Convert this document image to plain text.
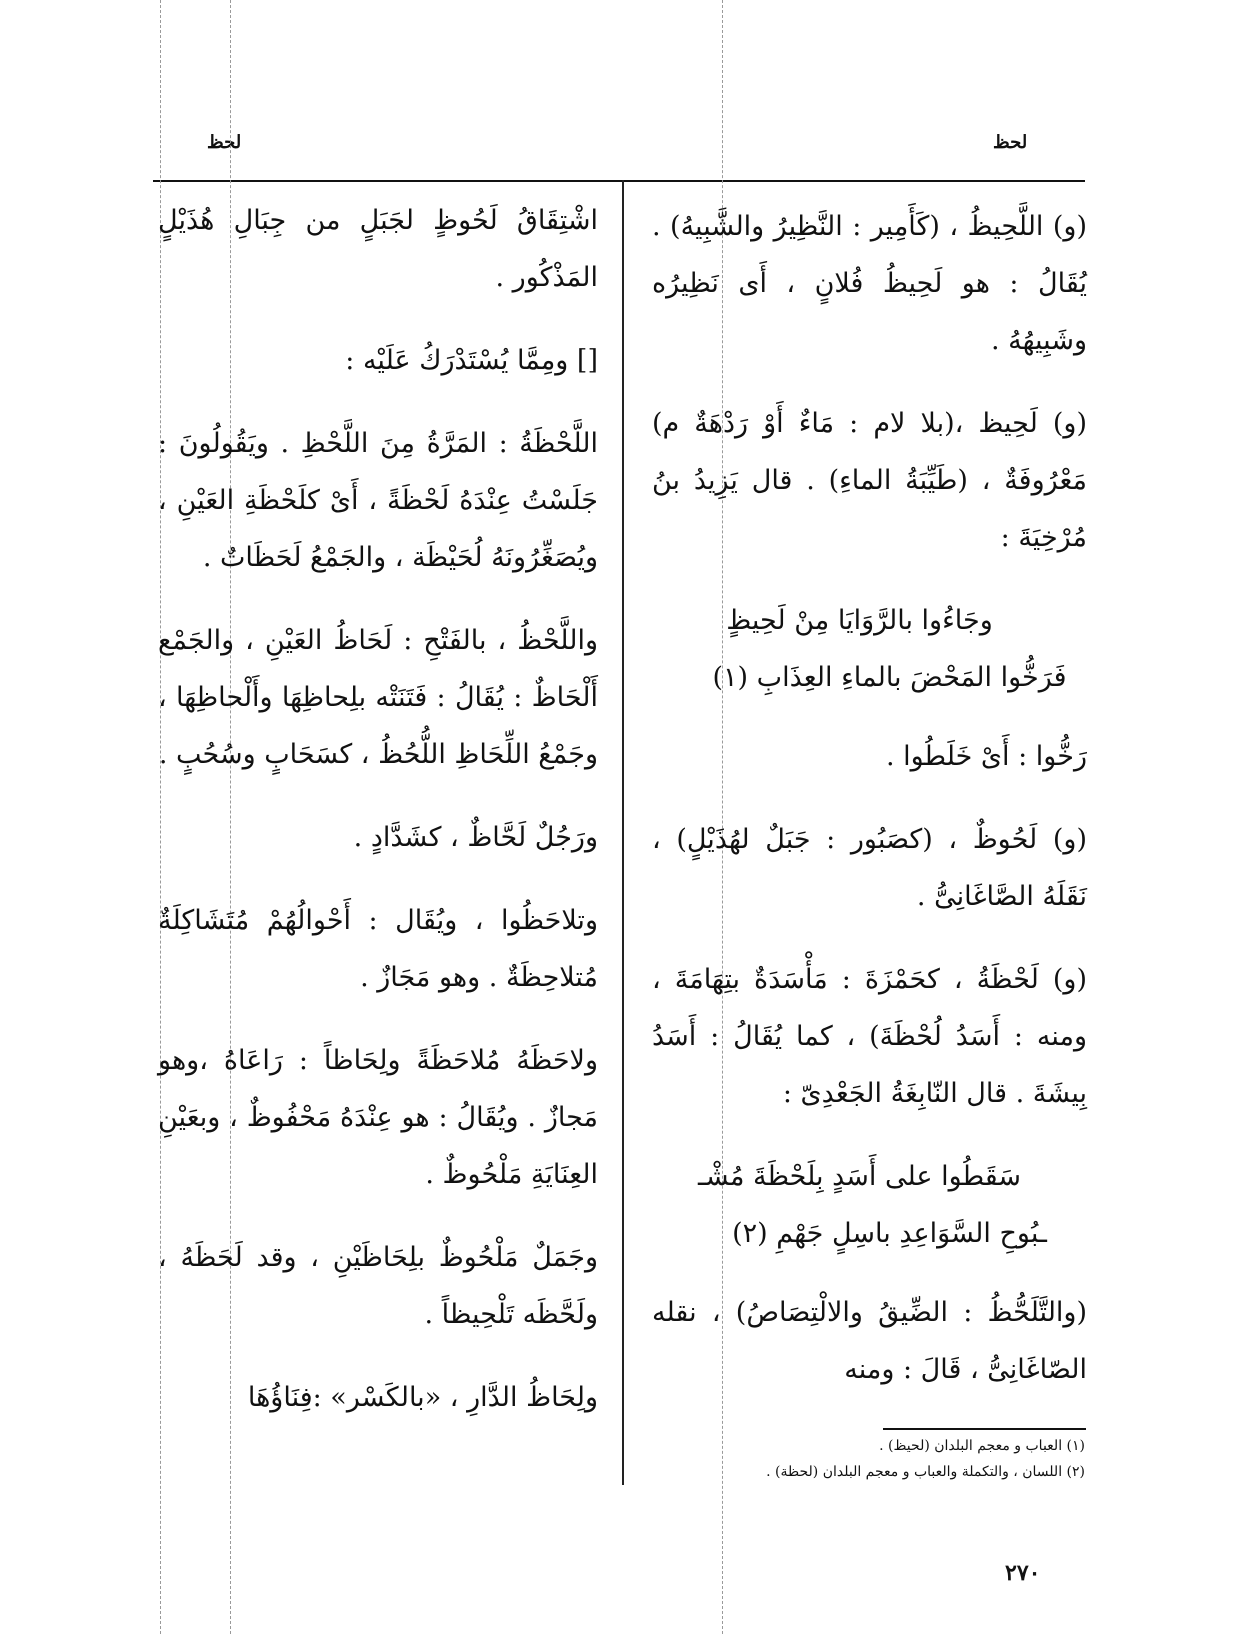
لحظ
لحظ

(و) اللَّحِيظُ ، (كَأَمِير : النَّظِيرُ والشَّبِيهُ) . يُقَالُ : هو لَحِيظُ فُلانٍ ، أَى نَظِيرُه وشَبِيهُهُ .

(و) لَحِيظ ،(بلا لام : مَاءٌ أَوْ رَدْهَةٌ م) مَعْرُوفَةٌ ، (طَيِّبَةُ الماءِ) . قال يَزِيدُ بنُ مُرْخِيَةَ :

وجَاءُوا بالرَّوَايَا مِنْ لَحِيظٍ

فَرَخُّوا المَحْضَ بالماءِ العِذَابِ (١)

رَخُّوا : أَىْ خَلَطُوا .

(و) لَحُوظٌ ، (كصَبُور : جَبَلٌ لهُذَيْلٍ) ، نَقَلَهُ الصَّاغَانِىُّ .

(و) لَحْظَةُ ، كحَمْزَةَ : مَأْسَدَةٌ بتِهَامَةَ ، ومنه : أَسَدُ لُحْظَةَ) ، كما يُقَالُ : أَسَدُ بِيشَةَ . قال النّابِغَةُ الجَعْدِىّ :

سَقَطُوا على أَسَدٍ بِلَحْظَةَ مُشْـ

ـبُوحِ السَّوَاعِدِ باسِلٍ جَهْمِ (٢)

(والتَّلَحُّظُ : الضِّيقُ والالْتِصَاصُ) ، نقله الصّاغَانِىُّ ، قَالَ : ومنه

اشْتِقَاقُ لَحُوظٍ لجَبَلٍ من جِبَالِ هُذَيْلٍ المَذْكُور .

[] ومِمَّا يُسْتَدْرَكُ عَلَيْه :

اللَّحْظَةُ : المَرَّةُ مِنَ اللَّحْظِ . ويَقُولُونَ : جَلَسْتُ عِنْدَهُ لَحْظَةً ، أَىْ كلَحْظَةِ العَيْنِ ، ويُصَغِّرُونَهُ لُحَيْظَة ، والجَمْعُ لَحَظَاتٌ .

واللَّحْظُ ، بالفَتْحِ : لَحَاظُ العَيْنِ ، والجَمْع أَلْحَاظٌ : يُقَالُ : فَتَنَتْه بلِحاظِهَا وأَلْحاظِهَا ، وجَمْعُ اللِّحَاظِ اللُّحُظُ ، كسَحَابٍ وسُحُبٍ .

ورَجُلٌ لَحَّاظٌ ، كشَدَّادٍ .

وتلاحَظُوا ، ويُقَال : أَحْوالُهُمْ مُتَشَاكِلَةٌ مُتلاحِظَةٌ . وهو مَجَازٌ .

ولاحَظَهُ مُلاحَظَةً ولِحَاظاً : رَاعَاهُ ،وهو مَجازٌ . ويُقَالُ : هو عِنْدَهُ مَحْفُوظٌ ، وبعَيْنِ العِنَايَةِ مَلْحُوظٌ .

وجَمَلٌ مَلْحُوظٌ بلِحَاظَيْنِ ، وقد لَحَظَهُ ، ولَحَّظَه تَلْحِيظاً .

ولِحَاظُ الدَّارِ ، «بالكَسْر» :فِنَاؤُهَا

(١) العباب و معجم البلدان (لحيظ) .

(٢) اللسان ، والتكملة والعباب و معجم البلدان (لحظة) .

٢٧٠
